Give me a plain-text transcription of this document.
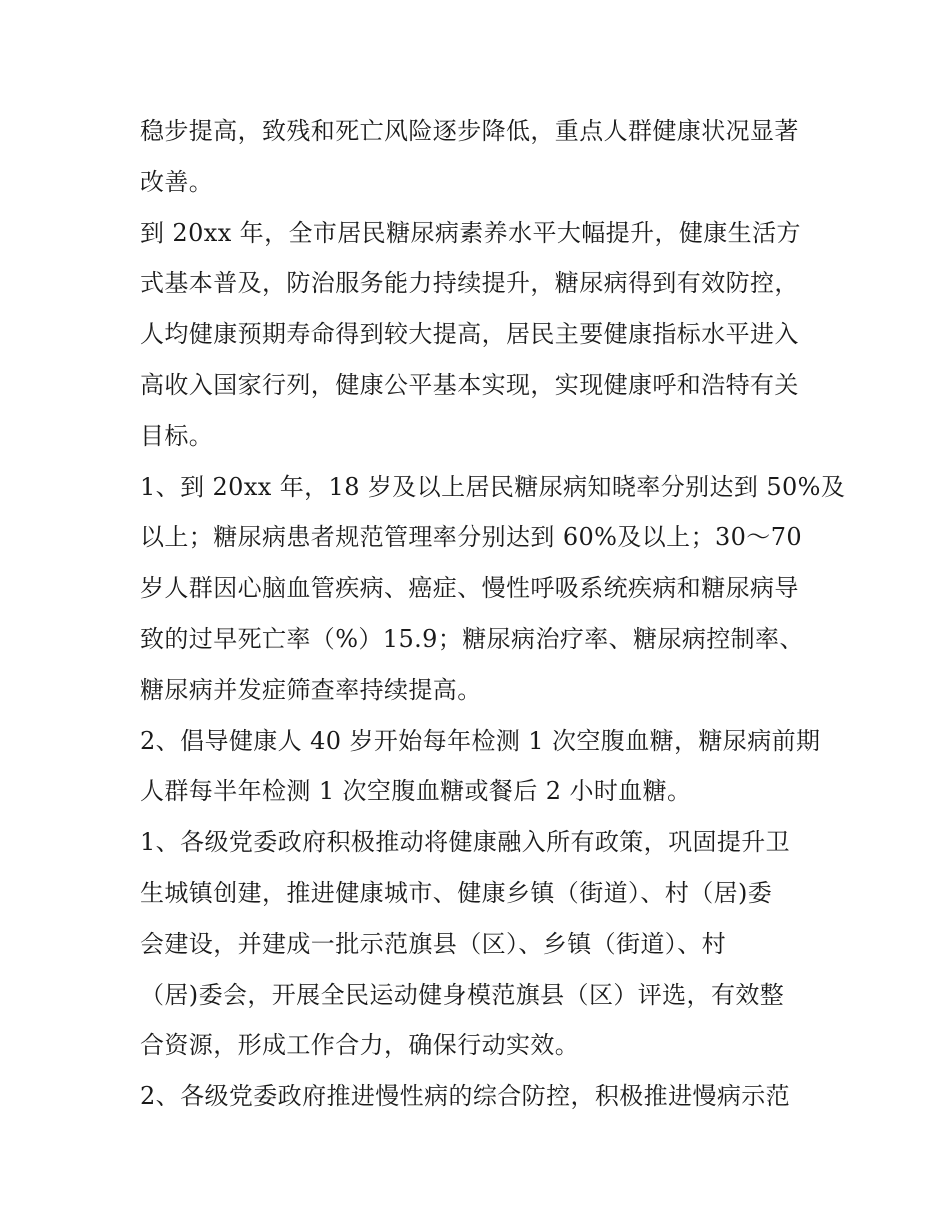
稳步提高，致残和死亡风险逐步降低，重点人群健康状况显著
改善。

到 20xx 年，全市居民糖尿病素养水平大幅提升，健康生活方
式基本普及，防治服务能力持续提升，糖尿病得到有效防控，
人均健康预期寿命得到较大提高，居民主要健康指标水平进入
高收入国家行列，健康公平基本实现，实现健康呼和浩特有关
目标。

1、到 20xx 年，18 岁及以上居民糖尿病知晓率分别达到 50%及
以上；糖尿病患者规范管理率分别达到 60%及以上；30～70
岁人群因心脑血管疾病、癌症、慢性呼吸系统疾病和糖尿病导
致的过早死亡率（%）15.9；糖尿病治疗率、糖尿病控制率、
糖尿病并发症筛查率持续提高。

2、倡导健康人 40 岁开始每年检测 1 次空腹血糖，糖尿病前期
人群每半年检测 1 次空腹血糖或餐后 2 小时血糖。

1、各级党委政府积极推动将健康融入所有政策，巩固提升卫
生城镇创建，推进健康城市、健康乡镇（街道）、村（居)委
会建设，并建成一批示范旗县（区）、乡镇（街道）、村
（居)委会，开展全民运动健身模范旗县（区）评选，有效整
合资源，形成工作合力，确保行动实效。

2、各级党委政府推进慢性病的综合防控，积极推进慢病示范
